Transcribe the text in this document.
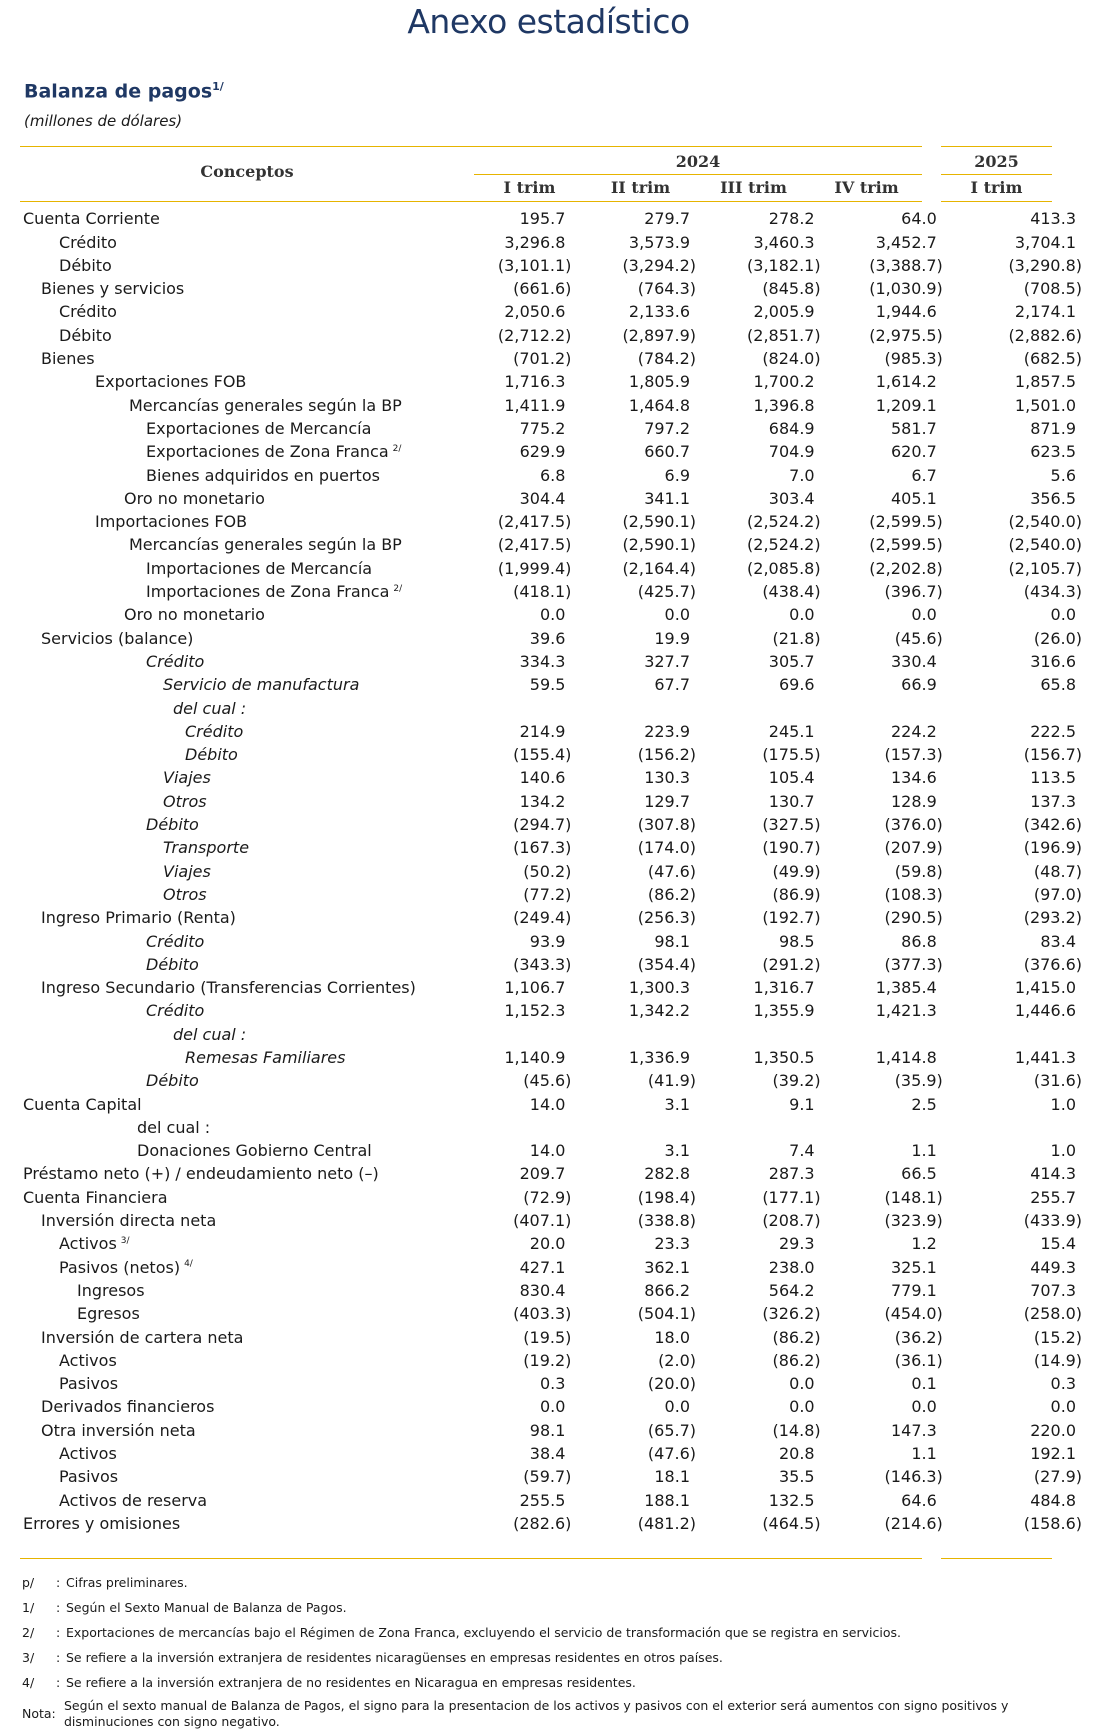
Anexo estadístico
Balanza de pagos$^{1/}$
(millones de dólares)
Conceptos
2024	2025
I trim	II trim	III trim	IV trim	I trim
Cuenta Corriente	195.7	279.7	278.2	64.0		413.3
Crédito	3,296.8	3,573.9	3,460.3	3,452.7		3,704.1
Débito	(3,101.1)	(3,294.2)	(3,182.1)	(3,388.7)		(3,290.8)
Bienes y servicios	(661.6)	(764.3)	(845.8)	(1,030.9)		(708.5)
Crédito	2,050.6	2,133.6	2,005.9	1,944.6		2,174.1
Débito	(2,712.2)	(2,897.9)	(2,851.7)	(2,975.5)		(2,882.6)
Bienes	(701.2)	(784.2)	(824.0)	(985.3)		(682.5)
Exportaciones FOB	1,716.3	1,805.9	1,700.2	1,614.2		1,857.5
Mercancías generales según la BP	1,411.9	1,464.8	1,396.8	1,209.1		1,501.0
Exportaciones de Mercancía	775.2	797.2	684.9	581.7		871.9
Exportaciones de Zona Franca $^{2/}$	629.9	660.7	704.9	620.7		623.5
Bienes adquiridos en puertos	6.8	6.9	7.0	6.7		5.6
Oro no monetario	304.4	341.1	303.4	405.1		356.5
Importaciones FOB	(2,417.5)	(2,590.1)	(2,524.2)	(2,599.5)		(2,540.0)
Mercancías generales según la BP	(2,417.5)	(2,590.1)	(2,524.2)	(2,599.5)		(2,540.0)
Importaciones de Mercancía	(1,999.4)	(2,164.4)	(2,085.8)	(2,202.8)		(2,105.7)
Importaciones de Zona Franca $^{2/}$	(418.1)	(425.7)	(438.4)	(396.7)		(434.3)
Oro no monetario	0.0	0.0	0.0	0.0		0.0
Servicios (balance)	39.6	19.9	(21.8)	(45.6)		(26.0)
Crédito	334.3	327.7	305.7	330.4		316.6
Servicio de manufactura	59.5	67.7	69.6	66.9		65.8
del cual :						
Crédito	214.9	223.9	245.1	224.2		222.5
Débito	(155.4)	(156.2)	(175.5)	(157.3)		(156.7)
Viajes	140.6	130.3	105.4	134.6		113.5
Otros	134.2	129.7	130.7	128.9		137.3
Débito	(294.7)	(307.8)	(327.5)	(376.0)		(342.6)
Transporte	(167.3)	(174.0)	(190.7)	(207.9)		(196.9)
Viajes	(50.2)	(47.6)	(49.9)	(59.8)		(48.7)
Otros	(77.2)	(86.2)	(86.9)	(108.3)		(97.0)
Ingreso Primario (Renta)	(249.4)	(256.3)	(192.7)	(290.5)		(293.2)
Crédito	93.9	98.1	98.5	86.8		83.4
Débito	(343.3)	(354.4)	(291.2)	(377.3)		(376.6)
Ingreso Secundario (Transferencias Corrientes)	1,106.7	1,300.3	1,316.7	1,385.4		1,415.0
Crédito	1,152.3	1,342.2	1,355.9	1,421.3		1,446.6
del cual :						
Remesas Familiares	1,140.9	1,336.9	1,350.5	1,414.8		1,441.3
Débito	(45.6)	(41.9)	(39.2)	(35.9)		(31.6)
Cuenta Capital	14.0	3.1	9.1	2.5		1.0
del cual :						
Donaciones Gobierno Central	14.0	3.1	7.4	1.1		1.0
Préstamo neto (+) / endeudamiento neto (–)	209.7	282.8	287.3	66.5		414.3
Cuenta Financiera	(72.9)	(198.4)	(177.1)	(148.1)		255.7
Inversión directa neta	(407.1)	(338.8)	(208.7)	(323.9)		(433.9)
Activos $^{3/}$	20.0	23.3	29.3	1.2		15.4
Pasivos (netos) $^{4/}$	427.1	362.1	238.0	325.1		449.3
Ingresos	830.4	866.2	564.2	779.1		707.3
Egresos	(403.3)	(504.1)	(326.2)	(454.0)		(258.0)
Inversión de cartera neta	(19.5)	18.0	(86.2)	(36.2)		(15.2)
Activos	(19.2)	(2.0)	(86.2)	(36.1)		(14.9)
Pasivos	0.3	(20.0)	0.0	0.1		0.3
Derivados financieros	0.0	0.0	0.0	0.0		0.0
Otra inversión neta	98.1	(65.7)	(14.8)	147.3		220.0
Activos	38.4	(47.6)	20.8	1.1		192.1
Pasivos	(59.7)	18.1	35.5	(146.3)		(27.9)
Activos de reserva	255.5	188.1	132.5	64.6		484.8
Errores y omisiones	(282.6)	(481.2)	(464.5)	(214.6)		(158.6)
p/	: Cifras preliminares.
1/	: Según el Sexto Manual de Balanza de Pagos.
2/	: Exportaciones de mercancías bajo el Régimen de Zona Franca, excluyendo el servicio de transformación que se registra en servicios.
3/	: Se refiere a la inversión extranjera de residentes nicaragüenses en empresas residentes en otros países.
4/	: Se refiere a la inversión extranjera de no residentes en Nicaragua en empresas residentes.
Nota:
Según el sexto manual de Balanza de Pagos, el signo para la presentacion de los activos y pasivos con el exterior será aumentos con signo positivos y disminuciones con signo negativo.
